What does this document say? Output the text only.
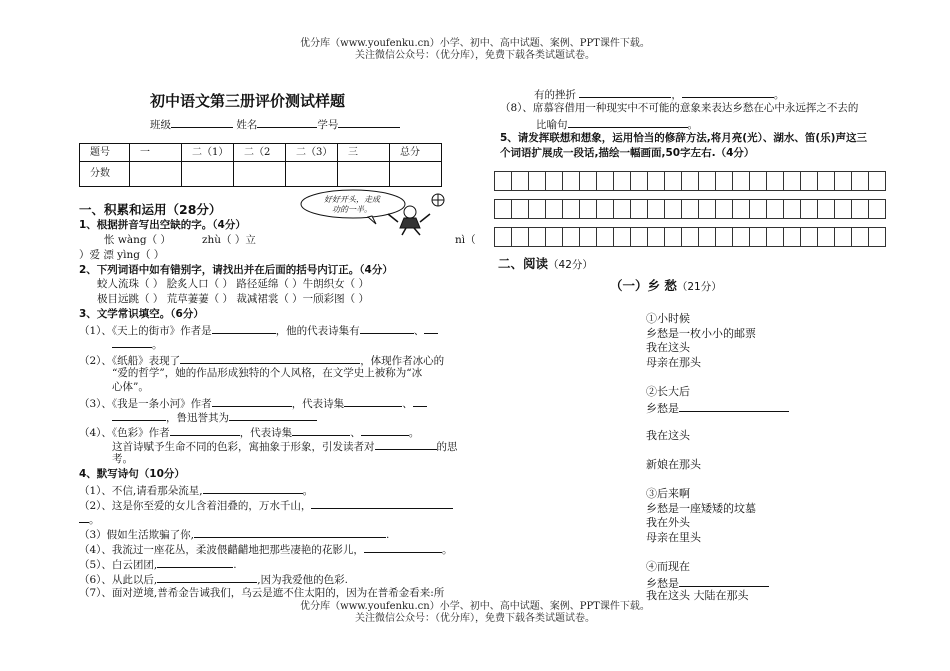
优分库（www.youfenku.cn）小学、初中、高中试题、案例、PPT课件下载。
关注微信公众号：（优分库），免费下载各类试题试卷。
初中语文第三册评价测试样题
班级	姓名	学号
题号	一	二（1）	二（2	二（3）	三	总分
分数						
好好开头，走成
功的一半。
一、积累和运用（28分）
1、根据拼音写出空缺的字。（4分）
怅 wàng（ ）	zhù（ ）立	nì（
）爱 漂 yìng（ ）
2、下列词语中如有错别字，请找出并在后面的括号内订正。（4分）
蛟人流珠（ ） 脍炙人口（ ） 路径延绵（ ）牛朗织女（ ）
极目远跳（ ） 荒草萋萋（ ） 裁减裙裳（ ）一颀彩图（ ）
3、文学常识填空。（6分）
（1）、《天上的街市》作者是	，他的代表诗集有	、
。
（2）、《纸船》表现了	，体现作者冰心的
“爱的哲学”，她的作品形成独特的个人风格，在文学史上被称为“冰
心体”。
（3）、《我是一条小河》作者	，代表诗集	、
，鲁迅誉其为
（4）、《色彩》作者	，代表诗集	、	。
这首诗赋予生命不同的色彩，寓抽象于形象，引发读者对	的思
考。
4、默写诗句（10分）
（1）、不信,请看那朵流星,	。
（2）、这是你至爱的女儿含着泪叠的，万水千山，
。
（3）假如生活欺骗了你,	.
（4）、我流过一座花丛，柔波偎齰齰地把那些凄艳的花影儿，	。
（5）、白云团团,	.
（6）、从此以后,	,因为我爱他的色彩.
（7）、面对逆境,普希金告诫我们，乌云是遮不住太阳的，因为在普希金看来:所
有的挫折	，	。
（8）、席慕容借用一种现实中不可能的意象来表达乡愁在心中永远挥之不去的
比喻句	。
5、请发挥联想和想象，运用恰当的修辞方法,将月亮(光）、湖水、笛(乐)声这三
个词语扩展成一段话,描绘一幅画面,50字左右.（4分）
二、阅读（42分）
（一）乡 愁（21分）
①小时候
乡愁是一枚小小的邮票
我在这头
母亲在那头
②长大后
乡愁是
我在这头
新娘在那头
③后来啊
乡愁是一座矮矮的坟墓
我在外头
母亲在里头
④而现在
乡愁是
我在这头 大陆在那头
优分库（www.youfenku.cn）小学、初中、高中试题、案例、PPT课件下载。
关注微信公众号：（优分库），免费下载各类试题试卷。
